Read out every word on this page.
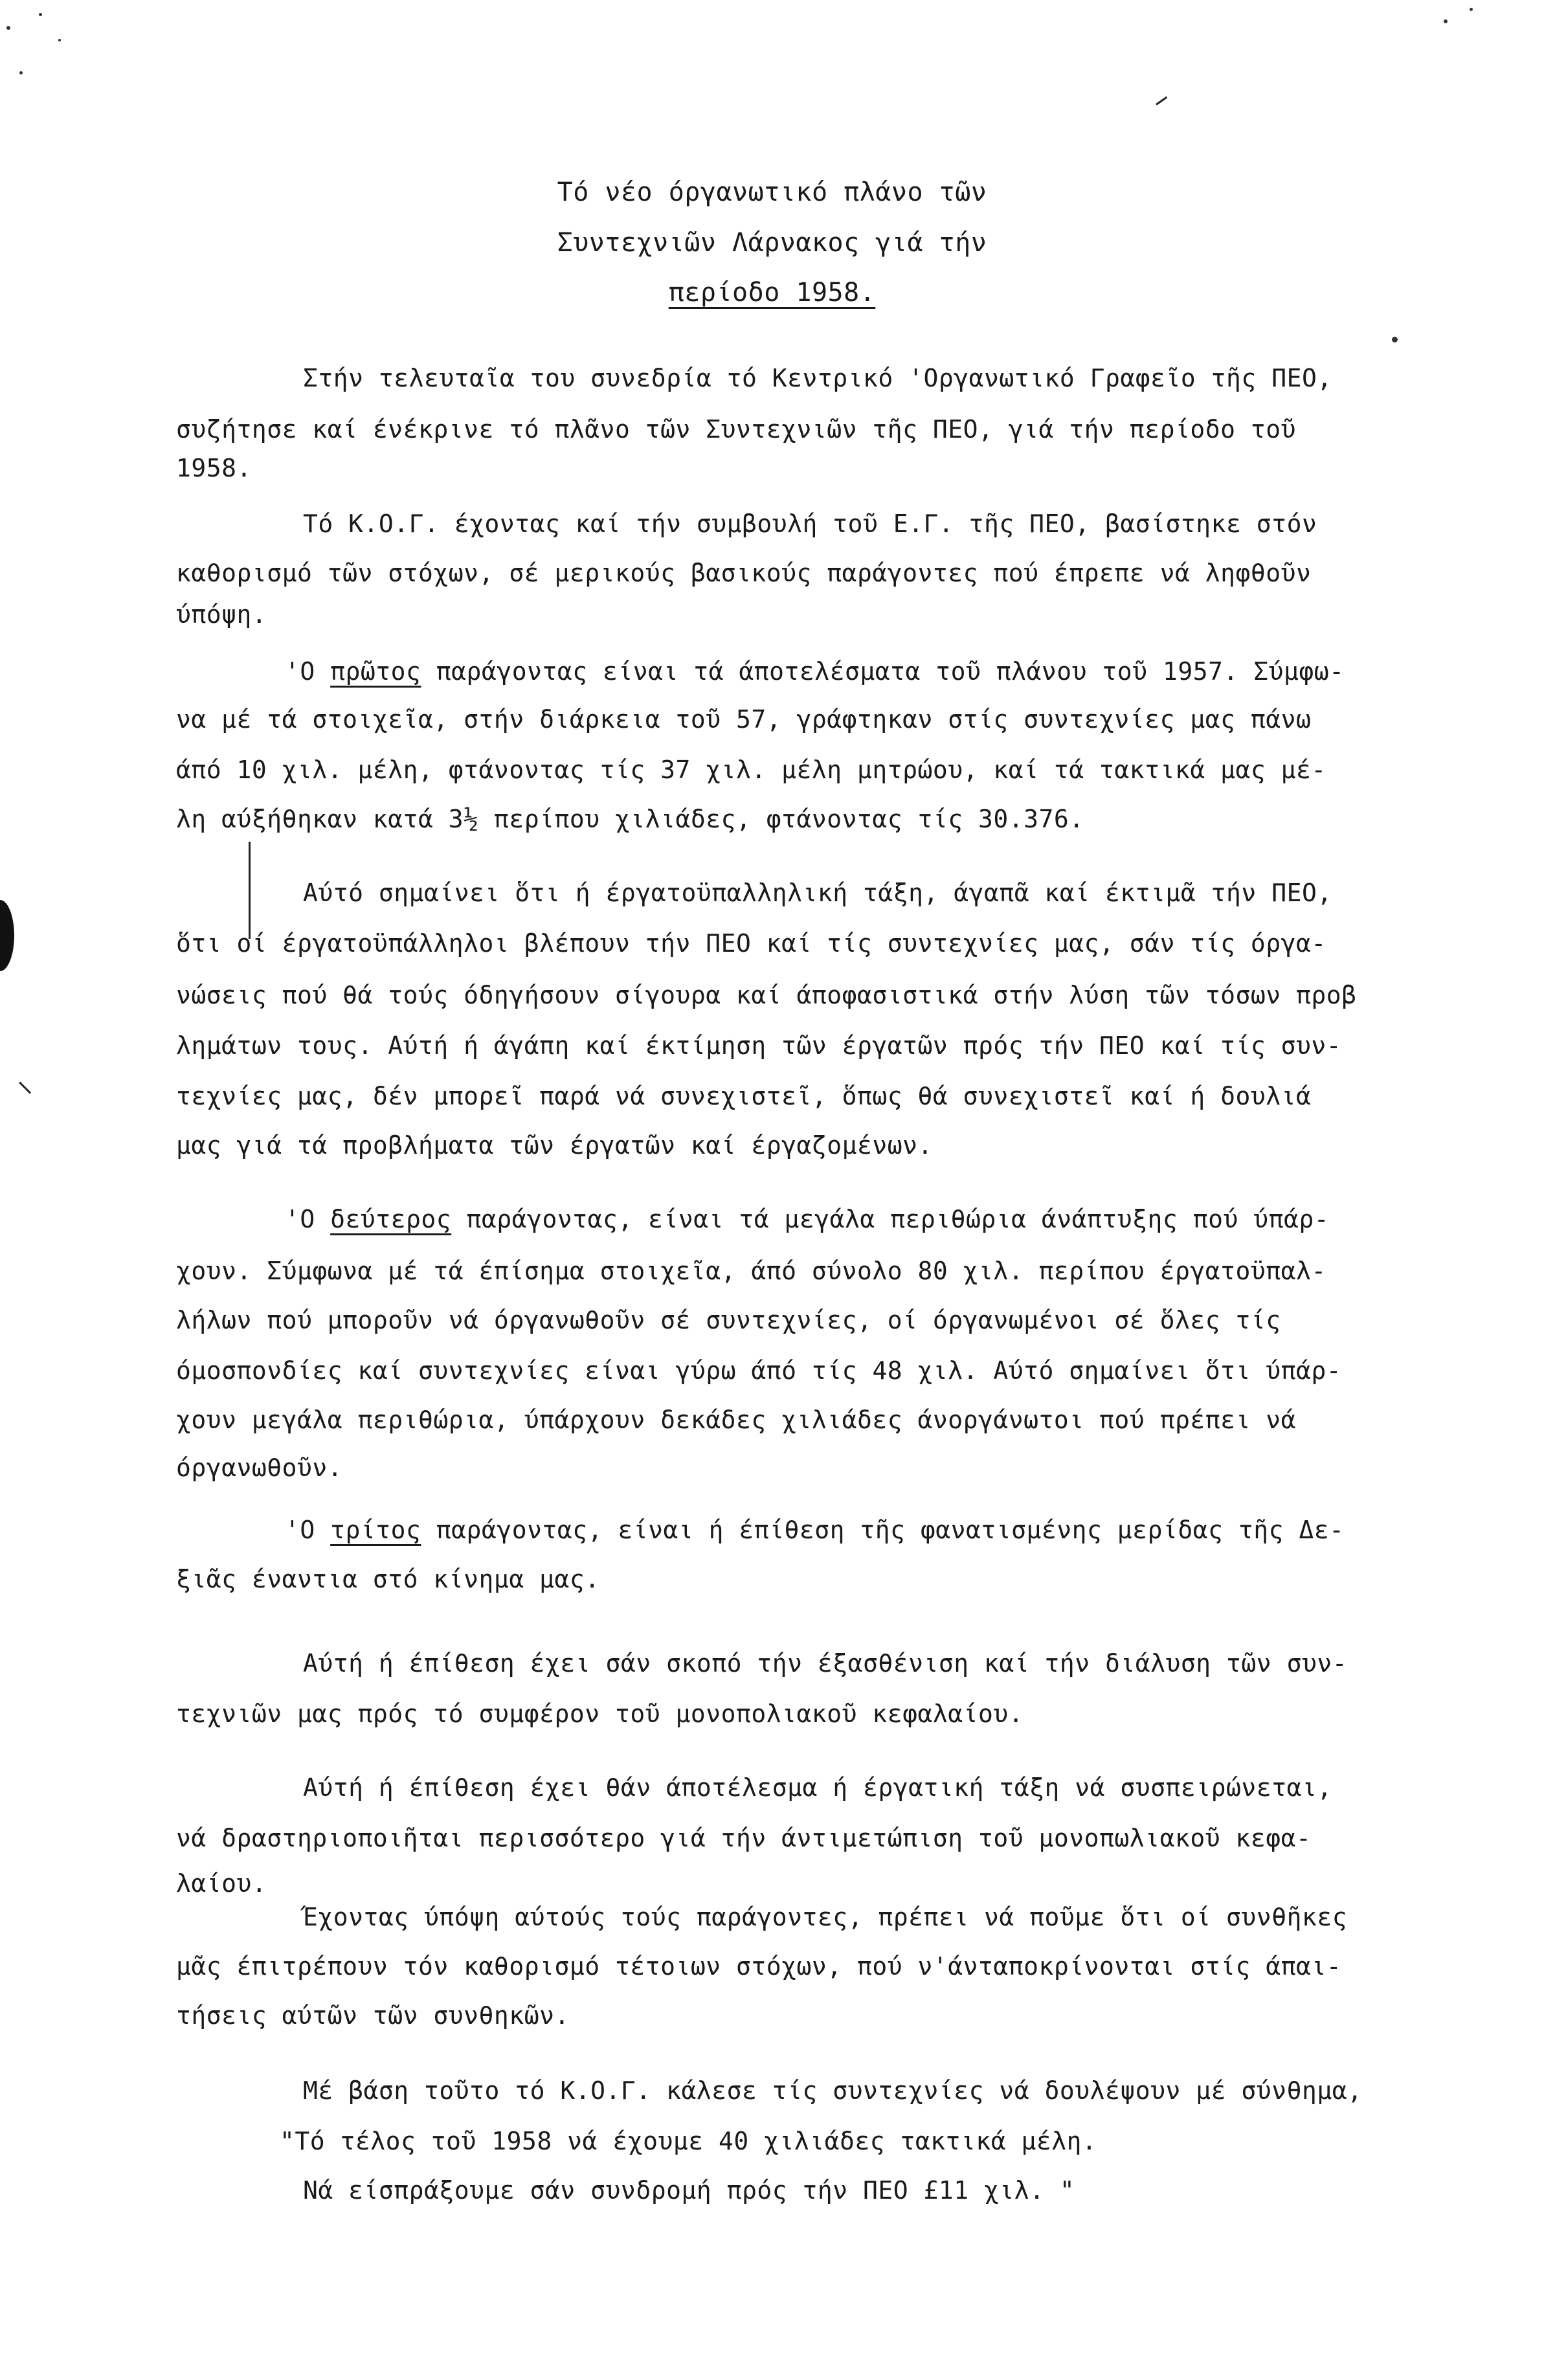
Τό νέο όργανωτικό πλάνο τῶν
Συντεχνιῶν Λάρνακος γιά τήν
περίοδο 1958.
Στήν τελευταῖα του συνεδρία τό Κεντρικό 'Οργανωτικό Γραφεῖο τῆς ΠΕΟ,
συζήτησε καί ένέκρινε τό πλᾶνο τῶν Συντεχνιῶν τῆς ΠΕΟ, γιά τήν περίοδο τοῦ
1958.
Τό Κ.Ο.Γ. έχοντας καί τήν συμβουλή τοῦ Ε.Γ. τῆς ΠΕΟ, βασίστηκε στόν
καθορισμό τῶν στόχων, σέ μερικούς βασικούς παράγοντες πού έπρεπε νά ληφθοῦν
ύπόψη.
'Ο πρῶτος παράγοντας είναι τά άποτελέσματα τοῦ πλάνου τοῦ 1957. Σύμφω-
να μέ τά στοιχεῖα, στήν διάρκεια τοῦ 57, γράφτηκαν στίς συντεχνίες μας πάνω
άπό 10 χιλ. μέλη, φτάνοντας τίς 37 χιλ. μέλη μητρώου, καί τά τακτικά μας μέ-
λη αύξήθηκαν κατά 3½ περίπου χιλιάδες, φτάνοντας τίς 30.376.
Αύτό σημαίνει ὅτι ή έργατοϋπαλληλική τάξη, άγαπᾶ καί έκτιμᾶ τήν ΠΕΟ,
ὅτι οί έργατοϋπάλληλοι βλέπουν τήν ΠΕΟ καί τίς συντεχνίες μας, σάν τίς όργα-
νώσεις πού θά τούς όδηγήσουν σίγουρα καί άποφασιστικά στήν λύση τῶν τόσων προβ
λημάτων τους. Αύτή ή άγάπη καί έκτίμηση τῶν έργατῶν πρός τήν ΠΕΟ καί τίς συν-
τεχνίες μας, δέν μπορεῖ παρά νά συνεχιστεῖ, ὅπως θά συνεχιστεῖ καί ή δουλιά
μας γιά τά προβλήματα τῶν έργατῶν καί έργαζομένων.
'Ο δεύτερος παράγοντας, είναι τά μεγάλα περιθώρια άνάπτυξης πού ύπάρ-
χουν. Σύμφωνα μέ τά έπίσημα στοιχεῖα, άπό σύνολο 80 χιλ. περίπου έργατοϋπαλ-
λήλων πού μποροῦν νά όργανωθοῦν σέ συντεχνίες, οί όργανωμένοι σέ ὅλες τίς
όμοσπονδίες καί συντεχνίες είναι γύρω άπό τίς 48 χιλ. Αύτό σημαίνει ὅτι ύπάρ-
χουν μεγάλα περιθώρια, ύπάρχουν δεκάδες χιλιάδες άνοργάνωτοι πού πρέπει νά
όργανωθοῦν.
'Ο τρίτος παράγοντας, είναι ή έπίθεση τῆς φανατισμένης μερίδας τῆς Δε-
ξιᾶς έναντια στό κίνημα μας.
Αύτή ή έπίθεση έχει σάν σκοπό τήν έξασθένιση καί τήν διάλυση τῶν συν-
τεχνιῶν μας πρός τό συμφέρον τοῦ μονοπολιακοῦ κεφαλαίου.
Αύτή ή έπίθεση έχει θάν άποτέλεσμα ή έργατική τάξη νά συσπειρώνεται,
νά δραστηριοποιῆται περισσότερο γιά τήν άντιμετώπιση τοῦ μονοπωλιακοῦ κεφα-
λαίου.
Έχοντας ύπόψη αύτούς τούς παράγοντες, πρέπει νά ποῦμε ὅτι οί συνθῆκες
μᾶς έπιτρέπουν τόν καθορισμό τέτοιων στόχων, πού ν'άνταποκρίνονται στίς άπαι-
τήσεις αύτῶν τῶν συνθηκῶν.
Μέ βάση τοῦτο τό Κ.Ο.Γ. κάλεσε τίς συντεχνίες νά δουλέψουν μέ σύνθημα,
"Τό τέλος τοῦ 1958 νά έχουμε 40 χιλιάδες τακτικά μέλη.
Νά είσπράξουμε σάν συνδρομή πρός τήν ΠΕΟ £11 χιλ. "
